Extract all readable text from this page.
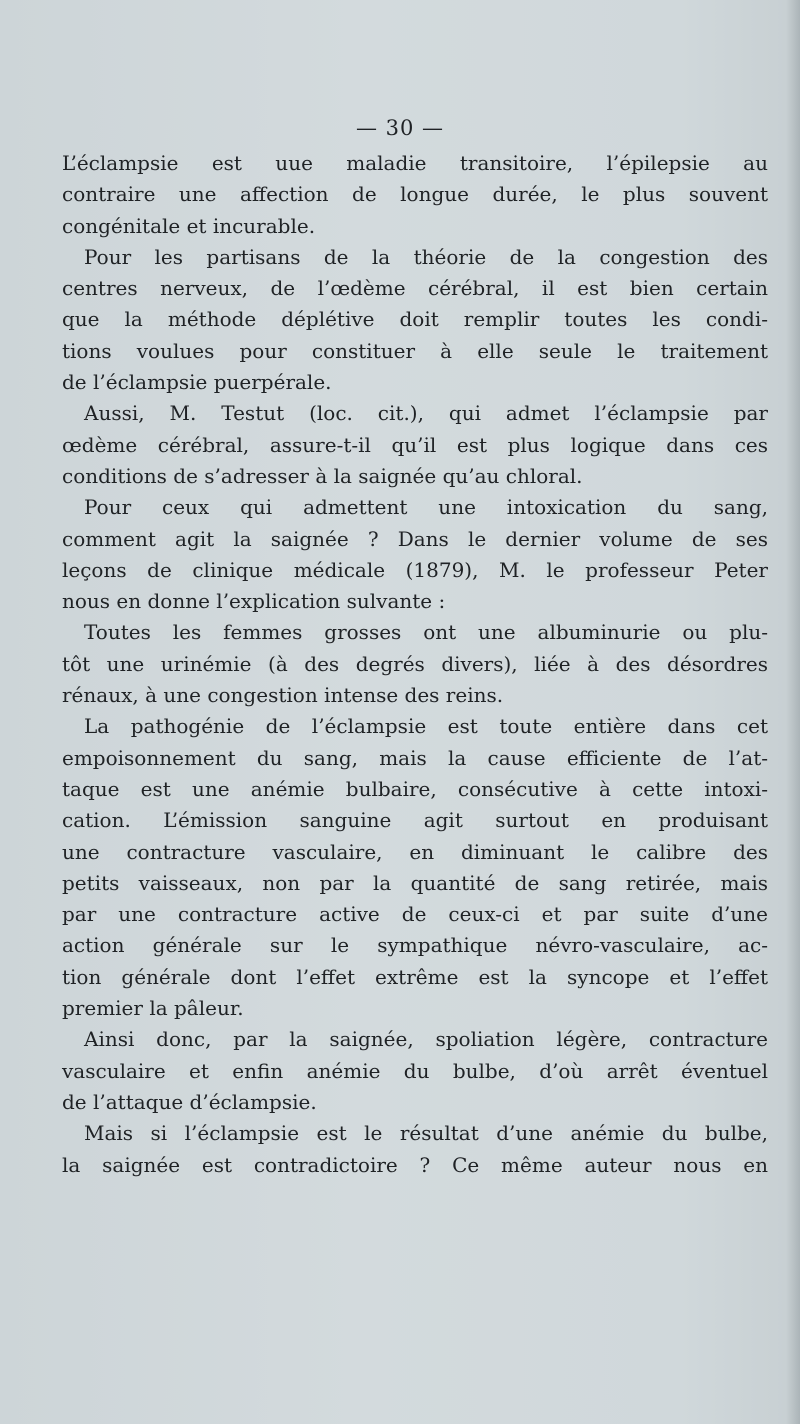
— 30 —
L’éclampsie est uue maladie transitoire, l’épilepsie au
contraire une affection de longue durée, le plus souvent
congénitale et incurable.
Pour les partisans de la théorie de la congestion des
centres nerveux, de l’œdème cérébral, il est bien certain
que la méthode déplétive doit remplir toutes les condi-
tions voulues pour constituer à elle seule le traitement
de l’éclampsie puerpérale.
Aussi, M. Testut (loc. cit.), qui admet l’éclampsie par
œdème cérébral, assure-t-il qu’il est plus logique dans ces
conditions de s’adresser à la saignée qu’au chloral.
Pour ceux qui admettent une intoxication du sang,
comment agit la saignée ? Dans le dernier volume de ses
leçons de clinique médicale (1879), M. le professeur Peter
nous en donne l’explication sulvante :
Toutes les femmes grosses ont une albuminurie ou plu-
tôt une urinémie (à des degrés divers), liée à des désordres
rénaux, à une congestion intense des reins.
La pathogénie de l’éclampsie est toute entière dans cet
empoisonnement du sang, mais la cause efficiente de l’at-
taque est une anémie bulbaire, consécutive à cette intoxi-
cation. L’émission sanguine agit surtout en produisant
une contracture vasculaire, en diminuant le calibre des
petits vaisseaux, non par la quantité de sang retirée, mais
par une contracture active de ceux-ci et par suite d’une
action générale sur le sympathique névro-vasculaire, ac-
tion générale dont l’effet extrême est la syncope et l’effet
premier la pâleur.
Ainsi donc, par la saignée, spoliation légère, contracture
vasculaire et enfin anémie du bulbe, d’où arrêt éventuel
de l’attaque d’éclampsie.
Mais si l’éclampsie est le résultat d’une anémie du bulbe,
la saignée est contradictoire ? Ce même auteur nous en
